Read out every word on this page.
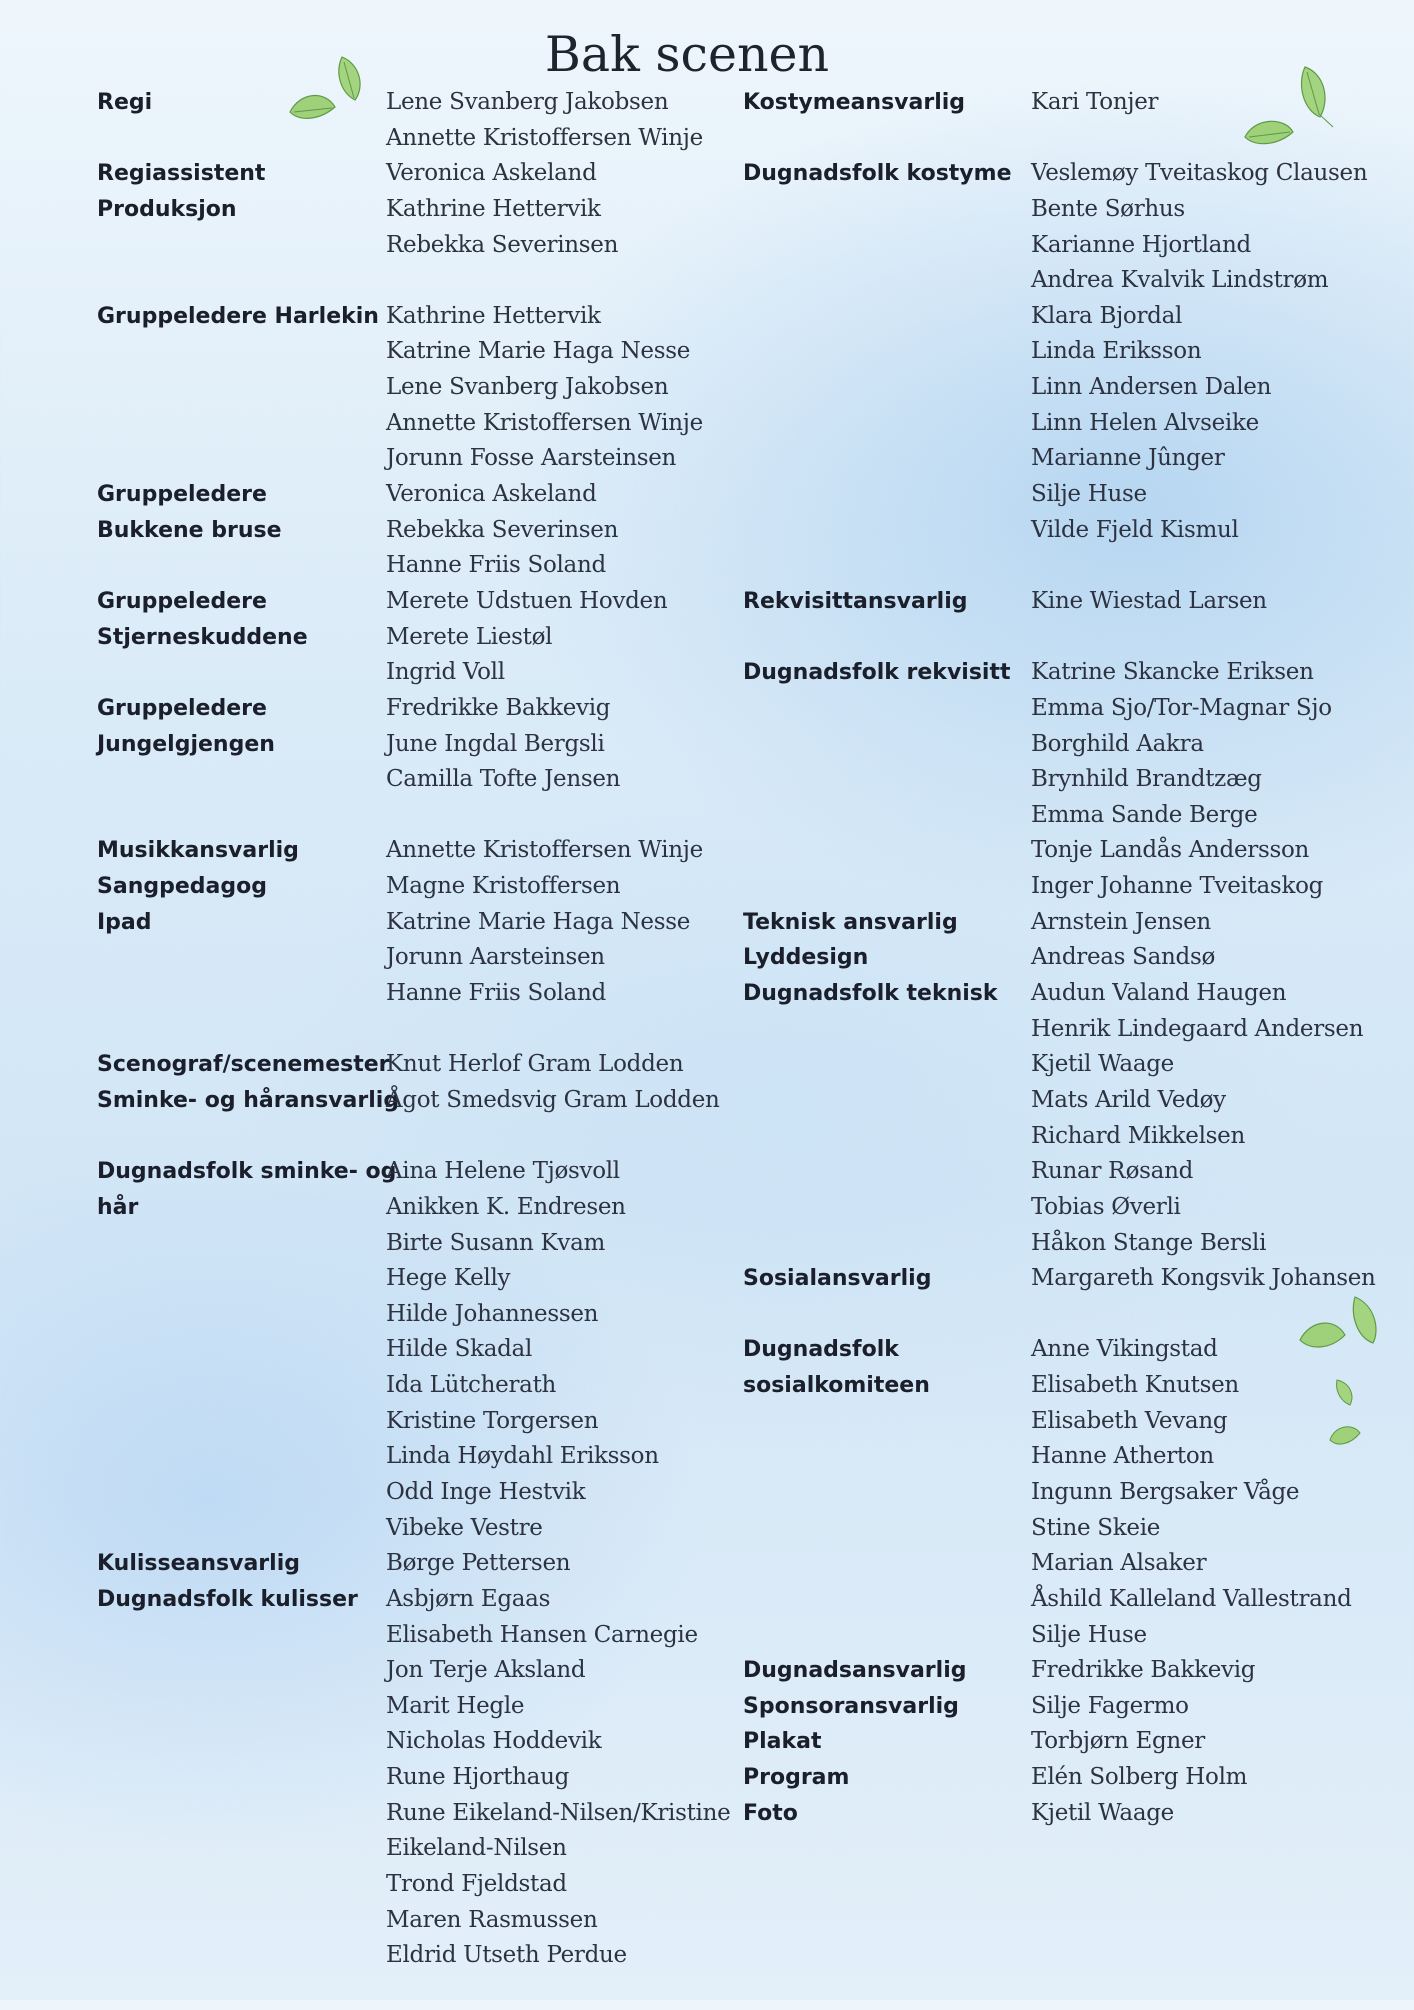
Bak scenen
Regi
Regiassistent
Produksjon
Gruppeledere Harlekin
Gruppeledere
Bukkene bruse
Gruppeledere
Stjerneskuddene
Gruppeledere
Jungelgjengen
Musikkansvarlig
Sangpedagog
Ipad
Scenograf/scenemester
Sminke- og håransvarlig
Dugnadsfolk sminke- og
hår
Kulisseansvarlig
Dugnadsfolk kulisser
Lene Svanberg Jakobsen
Annette Kristoffersen Winje
Veronica Askeland
Kathrine Hettervik
Rebekka Severinsen
Kathrine Hettervik
Katrine Marie Haga Nesse
Lene Svanberg Jakobsen
Annette Kristoffersen Winje
Jorunn Fosse Aarsteinsen
Veronica Askeland
Rebekka Severinsen
Hanne Friis Soland
Merete Udstuen Hovden
Merete Liestøl
Ingrid Voll
Fredrikke Bakkevig
June Ingdal Bergsli
Camilla Tofte Jensen
Annette Kristoffersen Winje
Magne Kristoffersen
Katrine Marie Haga Nesse
Jorunn Aarsteinsen
Hanne Friis Soland
Knut Herlof Gram Lodden
Ågot Smedsvig Gram Lodden
Aina Helene Tjøsvoll
Anikken K. Endresen
Birte Susann Kvam
Hege Kelly
Hilde Johannessen
Hilde Skadal
Ida Lütcherath
Kristine Torgersen
Linda Høydahl Eriksson
Odd Inge Hestvik
Vibeke Vestre
Børge Pettersen
Asbjørn Egaas
Elisabeth Hansen Carnegie
Jon Terje Aksland
Marit Hegle
Nicholas Hoddevik
Rune Hjorthaug
Rune Eikeland-Nilsen/Kristine
Eikeland-Nilsen
Trond Fjeldstad
Maren Rasmussen
Eldrid Utseth Perdue
Kostymeansvarlig
Dugnadsfolk kostyme
Rekvisittansvarlig
Dugnadsfolk rekvisitt
Teknisk ansvarlig
Lyddesign
Dugnadsfolk teknisk
Sosialansvarlig
Dugnadsfolk
sosialkomiteen
Dugnadsansvarlig
Sponsoransvarlig
Plakat
Program
Foto
Kari Tonjer
Veslemøy Tveitaskog Clausen
Bente Sørhus
Karianne Hjortland
Andrea Kvalvik Lindstrøm
Klara Bjordal
Linda Eriksson
Linn Andersen Dalen
Linn Helen Alvseike
Marianne Jûnger
Silje Huse
Vilde Fjeld Kismul
Kine Wiestad Larsen
Katrine Skancke Eriksen
Emma Sjo/Tor-Magnar Sjo
Borghild Aakra
Brynhild Brandtzæg
Emma Sande Berge
Tonje Landås Andersson
Inger Johanne Tveitaskog
Arnstein Jensen
Andreas Sandsø
Audun Valand Haugen
Henrik Lindegaard Andersen
Kjetil Waage
Mats Arild Vedøy
Richard Mikkelsen
Runar Røsand
Tobias Øverli
Håkon Stange Bersli
Margareth Kongsvik Johansen
Anne Vikingstad
Elisabeth Knutsen
Elisabeth Vevang
Hanne Atherton
Ingunn Bergsaker Våge
Stine Skeie
Marian Alsaker
Åshild Kalleland Vallestrand
Silje Huse
Fredrikke Bakkevig
Silje Fagermo
Torbjørn Egner
Elén Solberg Holm
Kjetil Waage
